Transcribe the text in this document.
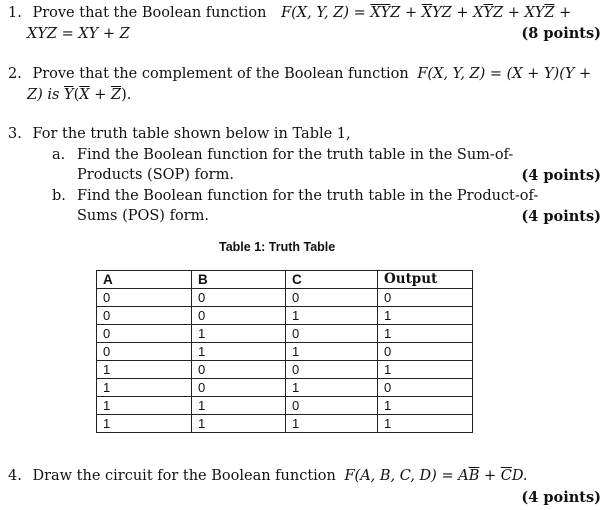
1. Prove that the Boolean function F(X, Y, $Z) = \overline{X}\overline{Y}Z + \overline{X}YZ + X\overline{Y}Z + XY\overline{Z}$ +
XYZ = XY + Z	(8 points)
2. Prove that the complement of the Boolean function F(X, Y, Z) = (X + Y)(Y +
Z) is $\overline{Y}(\overline{X} + \overline{Z})$.
3. For the truth table shown below in Table 1,
a. Find the Boolean function for the truth table in the Sum-of-
Products (SOP) form.	(4 points)
b. Find the Boolean function for the truth table in the Product-of-
Sums (POS) form.	(4 points)
Table 1: Truth Table
A	B	C	Output
0	0	0	0
0	0	1	1
0	1	0	1
0	1	1	0
1	0	0	1
1	0	1	0
1	1	0	1
1	1	1	1
4. Draw the circuit for the Boolean function F(A, B, C, $D) = A\overline{B} + \overline{C}D$.
(4 points)
